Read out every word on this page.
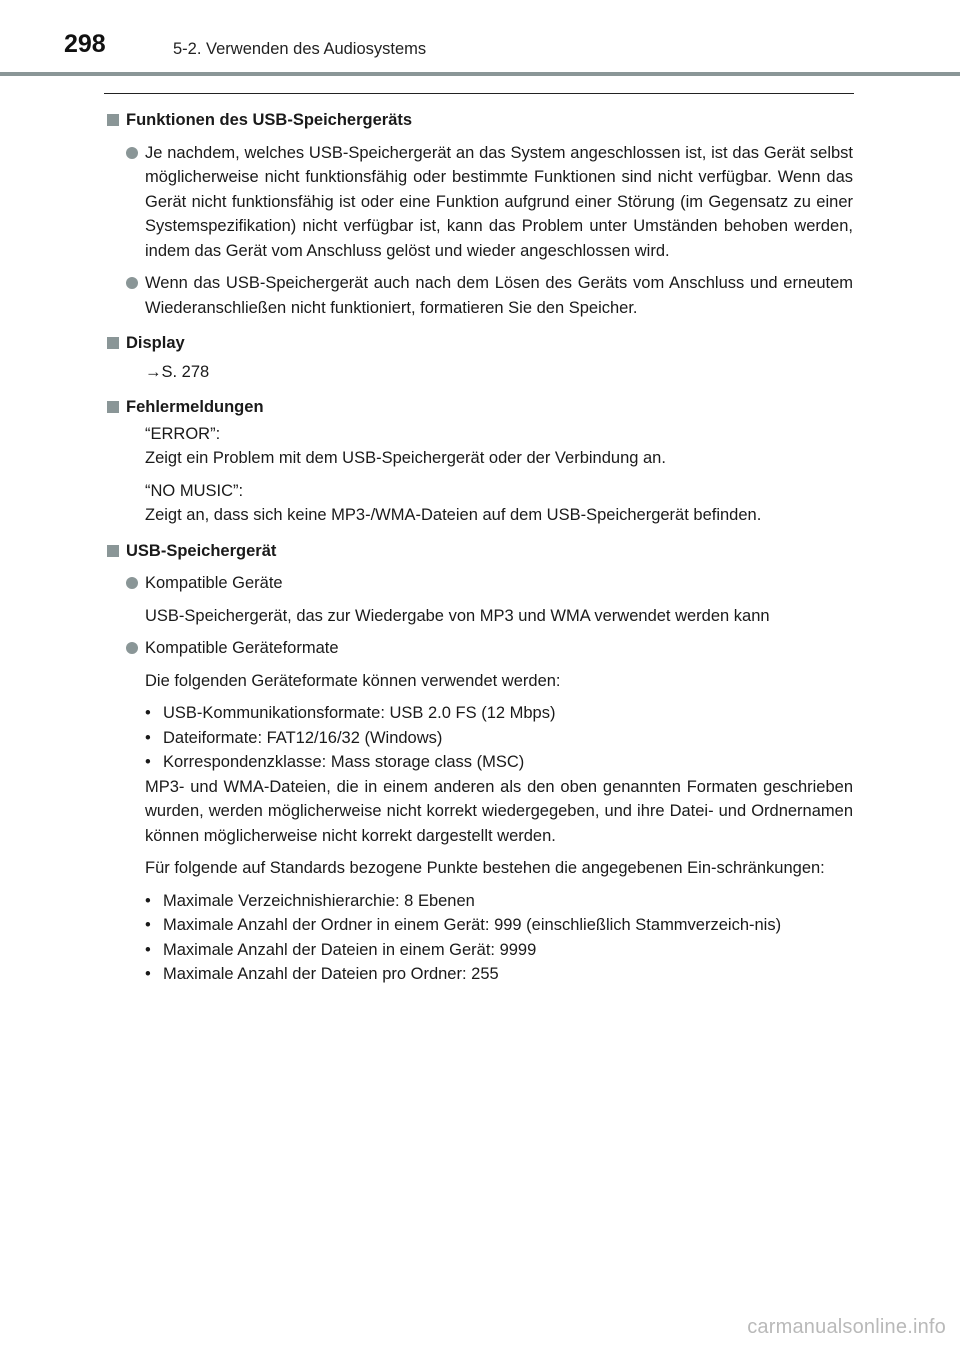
298	5-2. Verwenden des Audiosystems
Funktionen des USB-Speichergeräts
Je nachdem, welches USB-Speichergerät an das System angeschlossen ist, ist das Gerät selbst möglicherweise nicht funktionsfähig oder bestimmte Funktionen sind nicht verfügbar. Wenn das Gerät nicht funktionsfähig ist oder eine Funktion aufgrund einer Störung (im Gegensatz zu einer Systemspezifikation) nicht verfügbar ist, kann das Problem unter Umständen behoben werden, indem das Gerät vom Anschluss gelöst und wieder angeschlossen wird.
Wenn das USB-Speichergerät auch nach dem Lösen des Geräts vom Anschluss und erneutem Wiederanschließen nicht funktioniert, formatieren Sie den Speicher.
Display
→S. 278
Fehlermeldungen
“ERROR”:
Zeigt ein Problem mit dem USB-Speichergerät oder der Verbindung an.
“NO MUSIC”:
Zeigt an, dass sich keine MP3-/WMA-Dateien auf dem USB-Speichergerät befinden.
USB-Speichergerät
Kompatible Geräte
USB-Speichergerät, das zur Wiedergabe von MP3 und WMA verwendet werden kann
Kompatible Geräteformate
Die folgenden Geräteformate können verwendet werden:
• USB-Kommunikationsformate: USB 2.0 FS (12 Mbps)
• Dateiformate: FAT12/16/32 (Windows)
• Korrespondenzklasse: Mass storage class (MSC)
MP3- und WMA-Dateien, die in einem anderen als den oben genannten Formaten geschrieben wurden, werden möglicherweise nicht korrekt wiedergegeben, und ihre Datei- und Ordnernamen können möglicherweise nicht korrekt dargestellt werden.
Für folgende auf Standards bezogene Punkte bestehen die angegebenen Ein-schränkungen:
• Maximale Verzeichnishierarchie: 8 Ebenen
• Maximale Anzahl der Ordner in einem Gerät: 999 (einschließlich Stammverzeich-nis)
• Maximale Anzahl der Dateien in einem Gerät: 9999
• Maximale Anzahl der Dateien pro Ordner: 255
carmanualsonline.info
